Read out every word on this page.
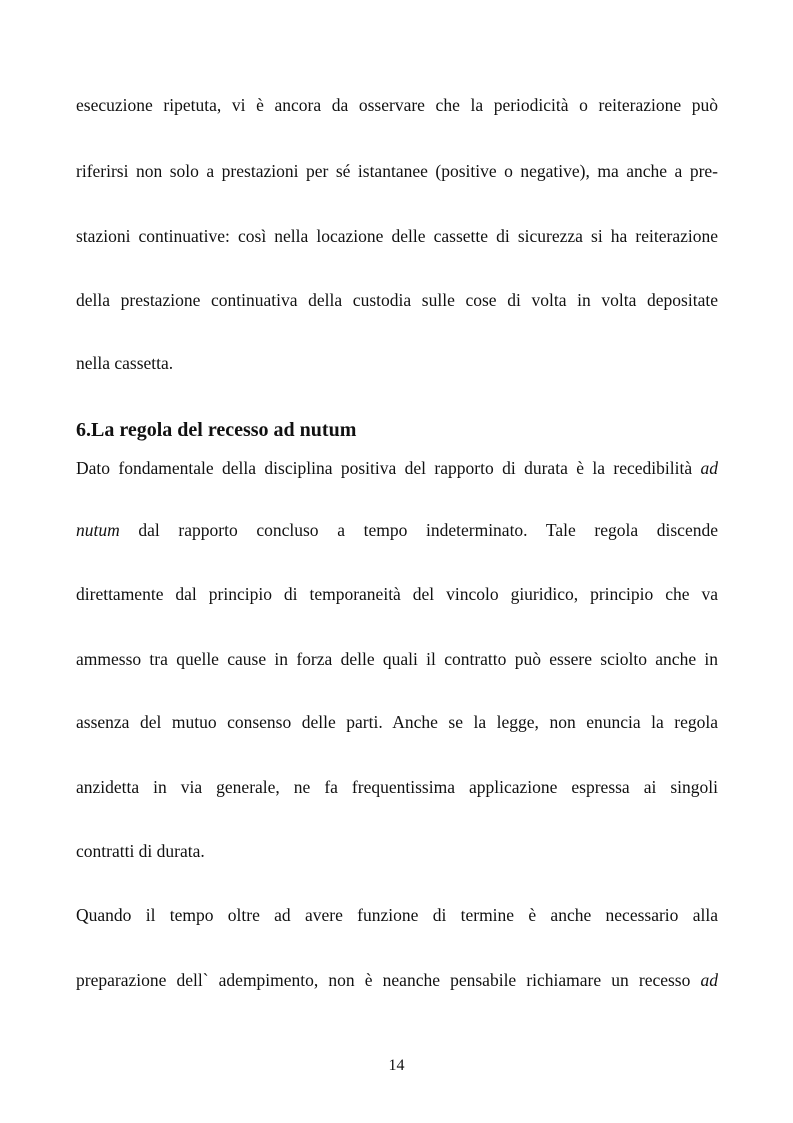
esecuzione ripetuta, vi è ancora da osservare che la periodicità o reiterazione può
riferirsi non solo a prestazioni per sé istantanee (positive o negative), ma anche a pre-
stazioni continuative: così nella locazione delle cassette di sicurezza si ha reiterazione
della prestazione continuativa della custodia sulle cose di volta in volta depositate
nella cassetta.
6.La regola del recesso ad nutum
Dato fondamentale della disciplina positiva del rapporto di durata è la recedibilità ad
nutum dal rapporto concluso a tempo indeterminato. Tale regola discende
direttamente dal principio di temporaneità del vincolo giuridico, principio che va
ammesso tra quelle cause in forza delle quali il contratto può essere sciolto anche in
assenza del mutuo consenso delle parti. Anche se la legge, non enuncia la regola
anzidetta in via generale, ne fa frequentissima applicazione espressa ai singoli
contratti di durata.
Quando il tempo oltre ad avere funzione di termine è anche necessario alla
preparazione dell` adempimento, non è neanche pensabile richiamare un recesso ad
14
